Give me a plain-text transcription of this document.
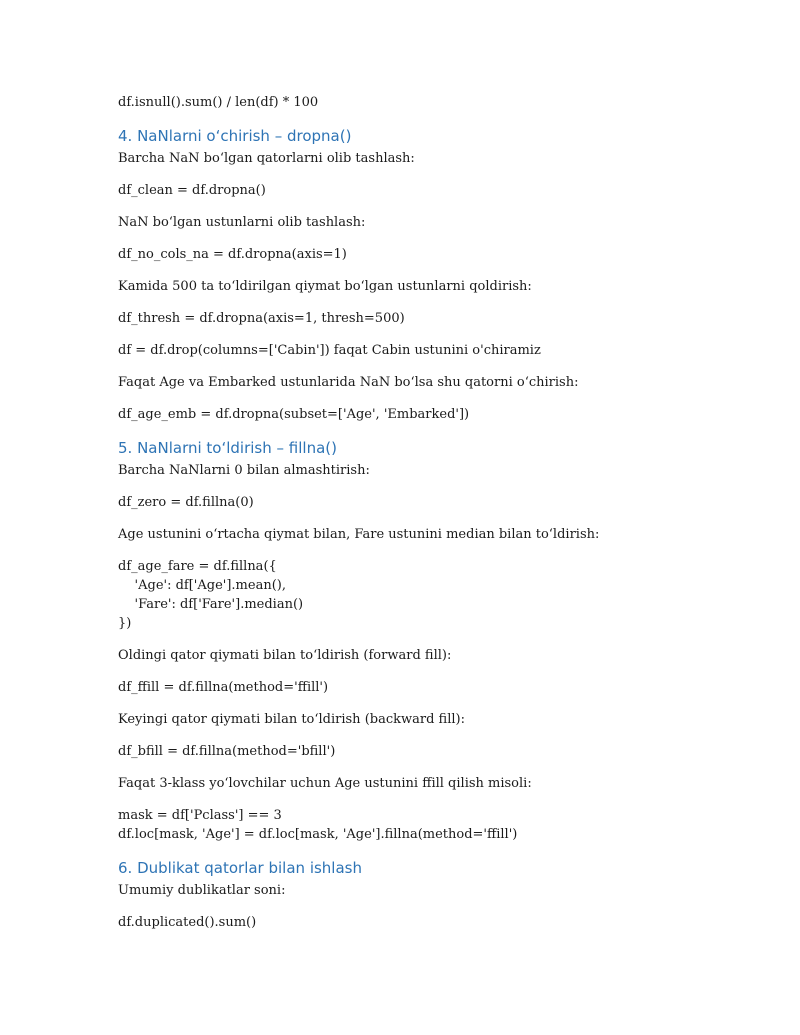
df.isnull().sum() / len(df) * 100
4. NaNlarni o‘chirish – dropna()
Barcha NaN bo‘lgan qatorlarni olib tashlash:
df_clean = df.dropna()
NaN bo‘lgan ustunlarni olib tashlash:
df_no_cols_na = df.dropna(axis=1)
Kamida 500 ta to‘ldirilgan qiymat bo‘lgan ustunlarni qoldirish:
df_thresh = df.dropna(axis=1, thresh=500)
df = df.drop(columns=['Cabin']) faqat Cabin ustunini o'chiramiz
Faqat Age va Embarked ustunlarida NaN bo‘lsa shu qatorni o‘chirish:
df_age_emb = df.dropna(subset=['Age', 'Embarked'])
5. NaNlarni to‘ldirish – fillna()
Barcha NaNlarni 0 bilan almashtirish:
df_zero = df.fillna(0)
Age ustunini o‘rtacha qiymat bilan, Fare ustunini median bilan to‘ldirish:
df_age_fare = df.fillna({
'Age': df['Age'].mean(),
'Fare': df['Fare'].median()
})
Oldingi qator qiymati bilan to‘ldirish (forward fill):
df_ffill = df.fillna(method='ffill')
Keyingi qator qiymati bilan to‘ldirish (backward fill):
df_bfill = df.fillna(method='bfill')
Faqat 3-klass yo‘lovchilar uchun Age ustunini ffill qilish misoli:
mask = df['Pclass'] == 3
df.loc[mask, 'Age'] = df.loc[mask, 'Age'].fillna(method='ffill')
6. Dublikat qatorlar bilan ishlash
Umumiy dublikatlar soni:
df.duplicated().sum()
